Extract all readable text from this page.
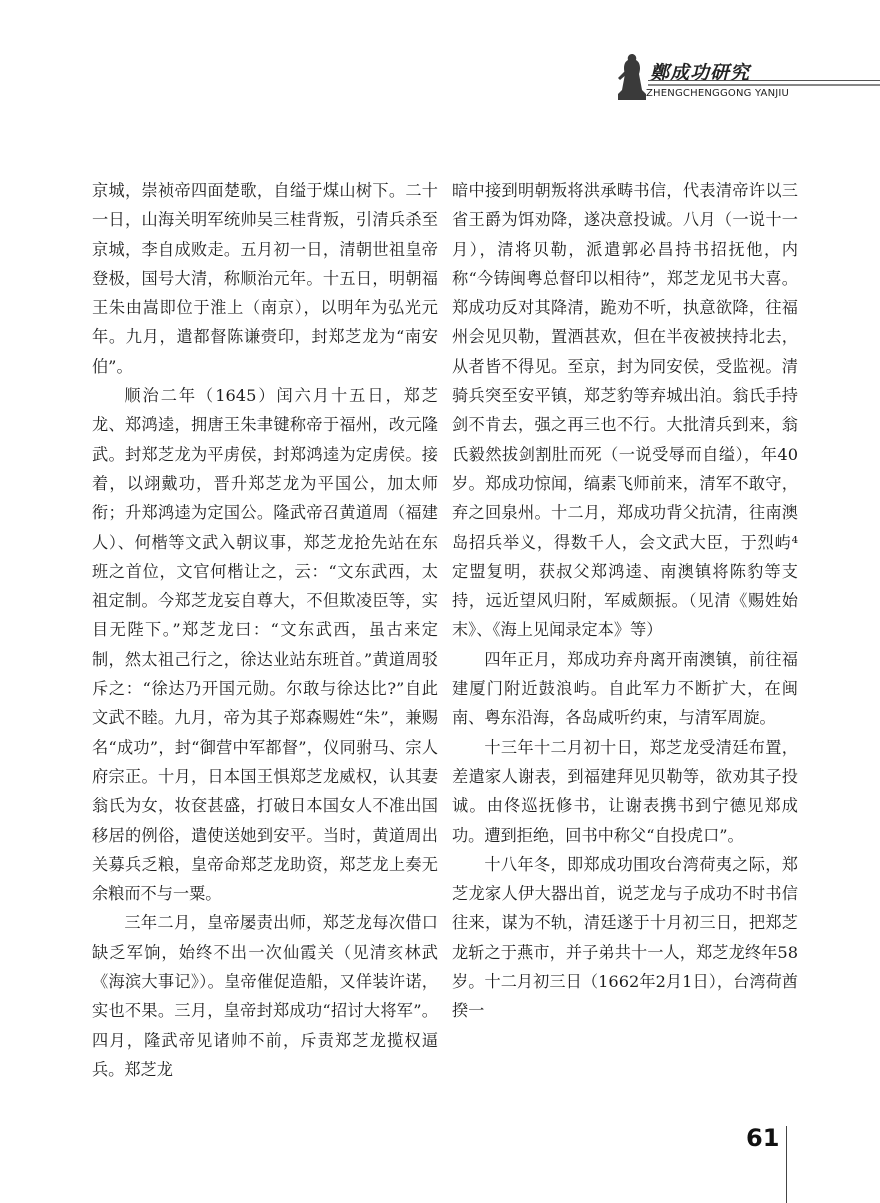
鄭成功研究
ZHENGCHENGGONG YANJIU

京城，崇祯帝四面楚歌，自缢于煤山树下。二十一日，山海关明军统帅吴三桂背叛，引清兵杀至京城，李自成败走。五月初一日，清朝世祖皇帝登极，国号大清，称顺治元年。十五日，明朝福王朱由嵩即位于淮上（南京），以明年为弘光元年。九月，遣都督陈谦赍印，封郑芝龙为“南安伯”。

顺治二年（1645）闰六月十五日，郑芝龙、郑鸿逵，拥唐王朱聿键称帝于福州，改元隆武。封郑芝龙为平虏侯，封郑鸿逵为定虏侯。接着，以翊戴功，晋升郑芝龙为平国公，加太师衔；升郑鸿逵为定国公。隆武帝召黄道周（福建人）、何楷等文武入朝议事，郑芝龙抢先站在东班之首位，文官何楷让之，云：“文东武西，太祖定制。今郑芝龙妄自尊大，不但欺凌臣等，实目无陛下。”郑芝龙曰：“文东武西，虽古来定制，然太祖己行之，徐达业站东班首。”黄道周驳斥之：“徐达乃开国元勋。尔敢与徐达比?”自此文武不睦。九月，帝为其子郑森赐姓“朱”，兼赐名“成功”，封“御营中军都督”，仪同驸马、宗人府宗正。十月，日本国王惧郑芝龙威权，认其妻翁氏为女，妆奁甚盛，打破日本国女人不准出国移居的例俗，遣使送她到安平。当时，黄道周出关募兵乏粮，皇帝命郑芝龙助资，郑芝龙上奏无余粮而不与一粟。

三年二月，皇帝屡责出师，郑芝龙每次借口缺乏军饷，始终不出一次仙霞关（见清亥林武《海滨大事记》）。皇帝催促造船，又佯装许诺，实也不果。三月，皇帝封郑成功“招讨大将军”。四月，隆武帝见诸帅不前，斥责郑芝龙揽权逼兵。郑芝龙

暗中接到明朝叛将洪承畴书信，代表清帝许以三省王爵为饵劝降，遂决意投诚。八月（一说十一月），清将贝勒，派遣郭必昌持书招抚他，内称“今铸闽粤总督印以相待”，郑芝龙见书大喜。郑成功反对其降清，跪劝不听，执意欲降，往福州会见贝勒，置酒甚欢，但在半夜被挟持北去，从者皆不得见。至京，封为同安侯，受监视。清骑兵突至安平镇，郑芝豹等弃城出泊。翁氏手持剑不肯去，强之再三也不行。大批清兵到来，翁氏毅然拔剑割肚而死（一说受辱而自缢），年40岁。郑成功惊闻，缟素飞师前来，清军不敢守，弃之回泉州。十二月，郑成功背父抗清，往南澳岛招兵举义，得数千人，会文武大臣，于烈屿⁴定盟复明，获叔父郑鸿逵、南澳镇将陈豹等支持，远近望风归附，军威颇振。（见清《赐姓始末》、《海上见闻录定本》等）

四年正月，郑成功弃舟离开南澳镇，前往福建厦门附近鼓浪屿。自此军力不断扩大，在闽南、粤东沿海，各岛咸听约束，与清军周旋。

十三年十二月初十日，郑芝龙受清廷布置，差遣家人谢表，到福建拜见贝勒等，欲劝其子投诚。由佟巡抚修书，让谢表携书到宁德见郑成功。遭到拒绝，回书中称父“自投虎口”。

十八年冬，即郑成功围攻台湾荷夷之际，郑芝龙家人伊大器出首，说芝龙与子成功不时书信往来，谋为不轨，清廷遂于十月初三日，把郑芝龙斩之于燕市，并子弟共十一人，郑芝龙终年58岁。十二月初三日（1662年2月1日），台湾荷酋揆一

61
